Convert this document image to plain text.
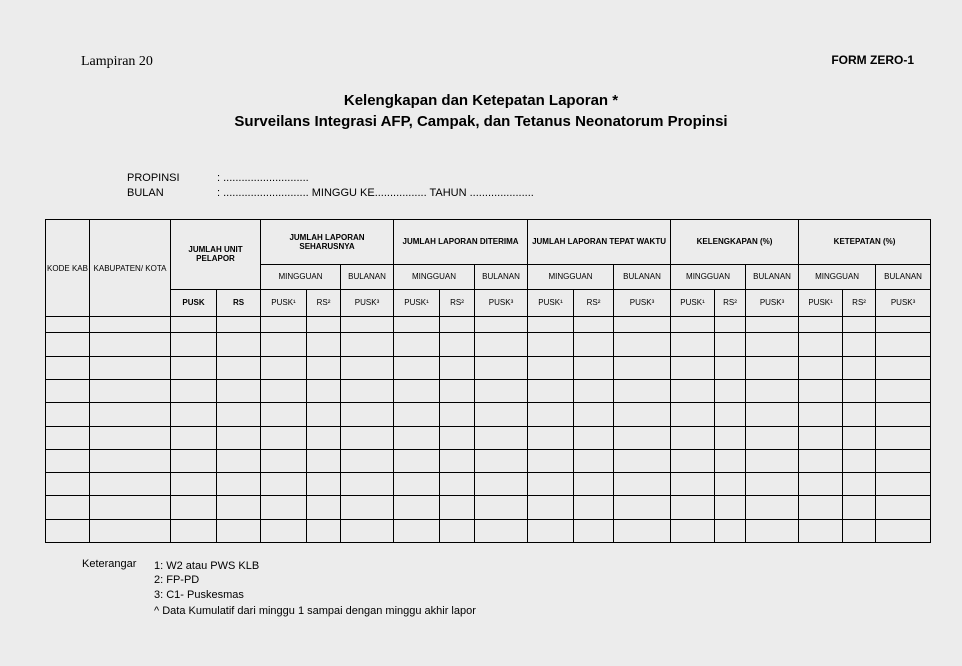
Lampiran 20	FORM ZERO-1
Kelengkapan dan Ketepatan Laporan *
Surveilans Integrasi AFP, Campak, dan Tetanus Neonatorum Propinsi
PROPINSI	: ............................
BULAN	: ............................ MINGGU KE................. TAHUN .....................
KODE KAB	KABUPATEN/ KOTA	JUMLAH UNIT PELAPOR		JUMLAH LAPORAN SEHARUSNYA			JUMLAH LAPORAN DITERIMA			JUMLAH LAPORAN TEPAT WAKTU			KELENGKAPAN (%)			KETEPATAN (%)		
				MINGGUAN		BULANAN	MINGGUAN		BULANAN	MINGGUAN		BULANAN	MINGGUAN		BULANAN	MINGGUAN		BULANAN
		PUSK	RS	PUSK¹	RS²	PUSK³	PUSK¹	RS²	PUSK³	PUSK¹	RS²	PUSK³	PUSK¹	RS²	PUSK³	PUSK¹	RS²	PUSK³

Keterangar 1: W2 atau PWS KLB
2: FP-PD
3: C1- Puskesmas
^ Data Kumulatif dari minggu 1 sampai dengan minggu akhir lapor
